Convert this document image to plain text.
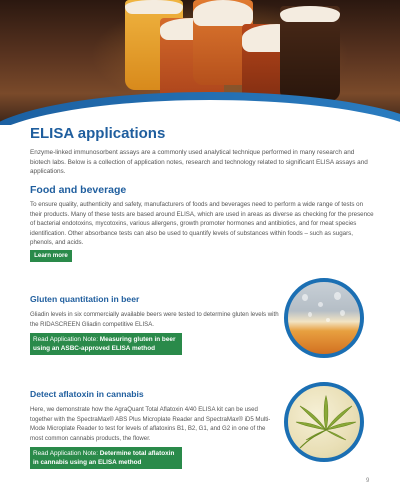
ELISA applications
Enzyme-linked immunosorbent assays are a commonly used analytical technique performed in many research and biotech labs. Below is a collection of application notes, research and technology related to significant ELISA assays and applications.
Food and beverage
To ensure quality, authenticity and safety, manufacturers of foods and beverages need to perform a wide range of tests on their products. Many of these tests are based around ELISA, which are used in areas as diverse as checking for the presence of bacterial endotoxins, mycotoxins, various allergens, growth promoter hormones and antibiotics, and for meat species identification. Other absorbance tests can also be used to quantify levels of substances within foods – such as sugars, phenols, and acids.
Learn more
Gluten quantitation in beer
Gliadin levels in six commercially available beers were tested to determine gluten levels with the RIDASCREEN Gliadin competitive ELISA.
Read Application Note: Measuring gluten in beer using an ASBC-approved ELISA method
Detect aflatoxin in cannabis
Here, we demonstrate how the AgraQuant Total Aflatoxin 4/40 ELISA kit can be used together with the SpectraMax® ABS Plus Microplate Reader and SpectraMax® iD5 Multi-Mode Microplate Reader to test for levels of aflatoxins B1, B2, G1, and G2 in one of the most common cannabis products, the flower.
Read Application Note: Determine total aflatoxin in cannabis using an ELISA method
9
